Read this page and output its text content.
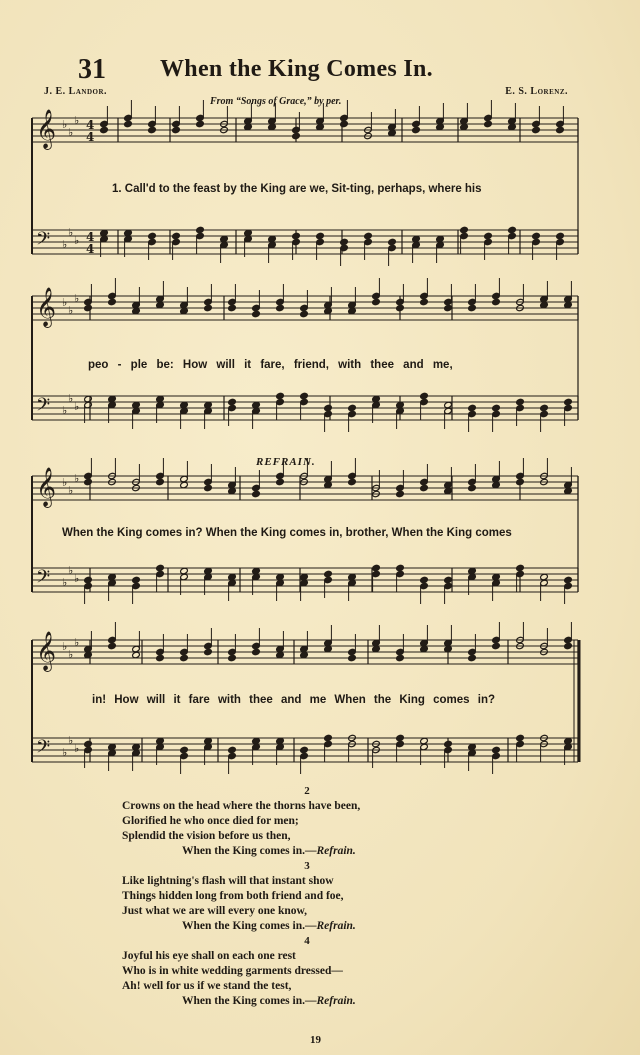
31 When the King Comes In.
J. E. Landor.	E. S. Lorenz.
From “Songs of Grace,” by per.
𝄞 ♭
♭
♭ 4
4
𝄢 ♭
♭
♭ 4
4
𝄞 ♭
♭
♭
𝄢 ♭
♭
♭
𝄞 ♭
♭
♭
𝄢 ♭
♭
♭
𝄞 ♭
♭
♭
𝄢 ♭
♭
♭
REFRAIN.
1. Call'd to the feast by the King are we, Sit-ting, perhaps, where his
peo - ple be: How will it fare, friend, with thee and me,
When the King comes in? When the King comes in, brother, When the King comes
in! How will it fare with thee and me When the King comes in?
2
Crowns on the head where the thorns have been,
Glorified he who once died for men;
Splendid the vision before us then,
When the King comes in.—Refrain.
3
Like lightning's flash will that instant show
Things hidden long from both friend and foe,
Just what we are will every one know,
When the King comes in.—Refrain.
4
Joyful his eye shall on each one rest
Who is in white wedding garments dressed—
Ah! well for us if we stand the test,
When the King comes in.—Refrain.
19
